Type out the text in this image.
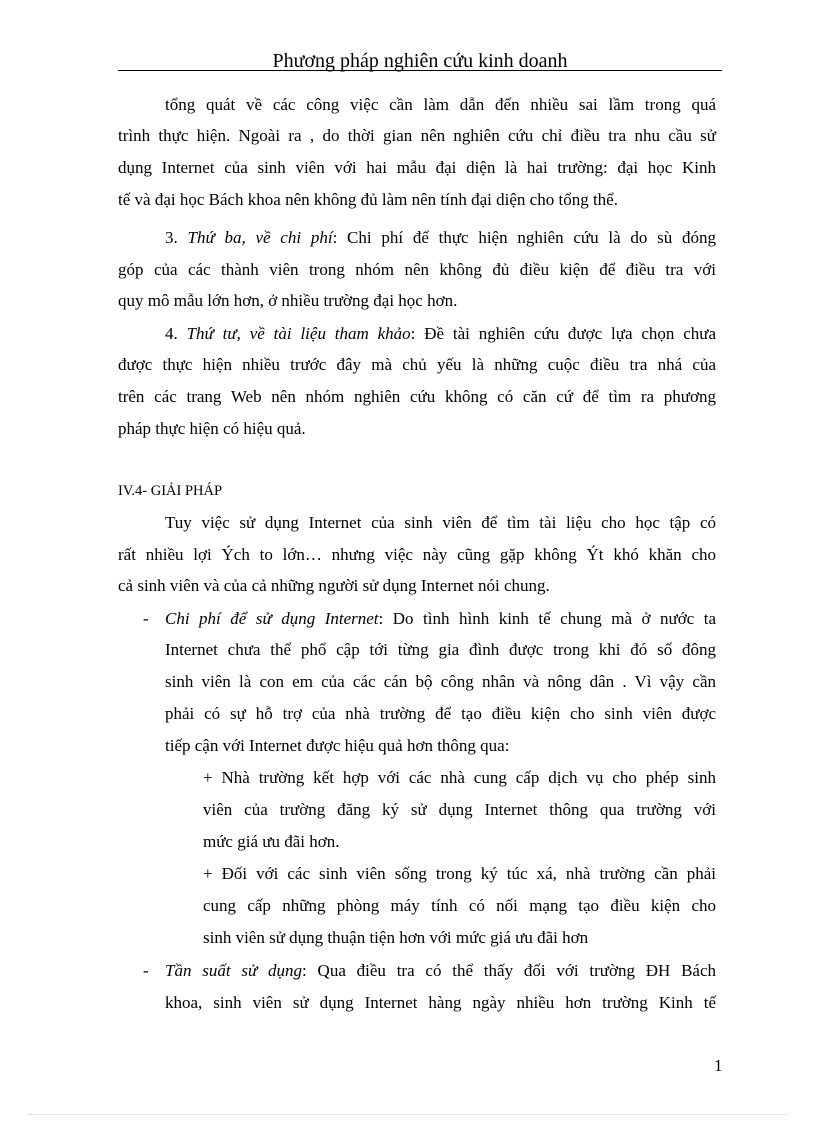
Phương pháp nghiên cứu kinh doanh
tổng quát về các công việc cần làm dẫn đến nhiều sai lầm trong quá
trình thực hiện. Ngoài ra , do thời gian nên nghiên cứu chỉ điều tra nhu cầu sử
dụng Internet của sinh viên với hai mẫu đại diện là hai trường: đại học Kinh
tế và đại học Bách khoa nên không đủ làm nên tính đại diện cho tổng thể.
3. Thứ ba, về chi phí: Chi phí để thực hiện nghiên cứu là do sù đóng
góp của các thành viên trong nhóm nên không đủ điều kiện để điều tra với
quy mô mẫu lớn hơn, ở nhiều trường đại học hơn.
4. Thứ tư, về tài liệu tham khảo: Đề tài nghiên cứu được lựa chọn chưa
được thực hiện nhiều trước đây mà chủ yếu là những cuộc điều tra nhá của
trên các trang Web nên nhóm nghiên cứu không có căn cứ để tìm ra phương
pháp thực hiện có hiệu quả.
IV.4- GIẢI PHÁP
Tuy việc sử dụng Internet của sinh viên để tìm tài liệu cho học tập có
rất nhiều lợi Ých to lớn… nhưng việc này cũng gặp không Ýt khó khăn cho
cả sinh viên và của cả những người sử dụng Internet nói chung.
- Chi phí để sử dụng Internet: Do tình hình kinh tế chung mà ở nước ta
Internet chưa thể phổ cập tới từng gia đình được trong khi đó số đông
sinh viên là con em của các cán bộ công nhân và nông dân . Vì vậy cần
phải có sự hỗ trợ của nhà trường để tạo điều kiện cho sinh viên được
tiếp cận với Internet được hiệu quả hơn thông qua:
+ Nhà trường kết hợp với các nhà cung cấp dịch vụ cho phép sinh
viên của trường đăng ký sử dụng Internet thông qua trường với
mức giá ưu đãi hơn.
+ Đối với các sinh viên sống trong ký túc xá, nhà trường cần phải
cung cấp những phòng máy tính có nối mạng tạo điều kiện cho
sinh viên sử dụng thuận tiện hơn với mức giá ưu đãi hơn
- Tần suất sử dụng: Qua điều tra có thể thấy đối với trường ĐH Bách
khoa, sinh viên sử dụng Internet hàng ngày nhiều hơn trường Kinh tế
1
